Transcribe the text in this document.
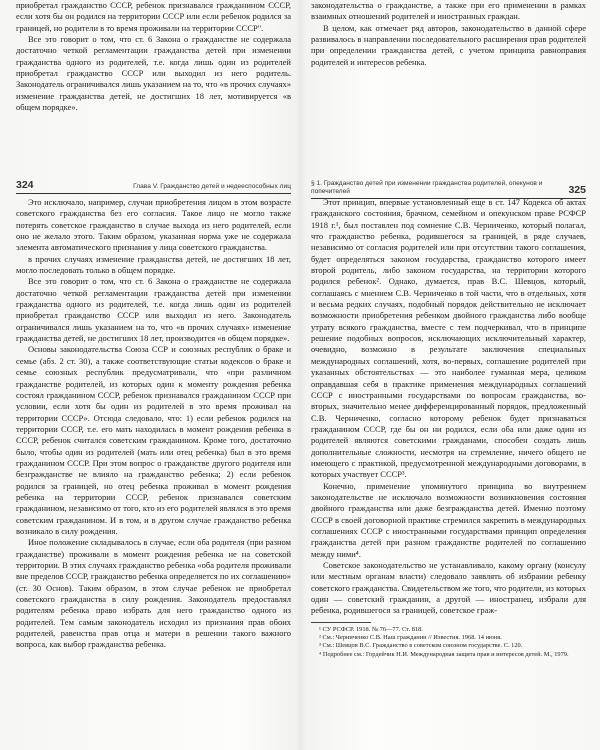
приобретал гражданство СССР, ребенок признавался гражданином СССР, если хотя бы он родился на территории СССР или если ребенок родился за границей, но родители в то время проживали на территории СССР".

Все это говорит о том, что ст. 6 Закона о гражданстве не содержала достаточно четкой регламентации гражданства детей при изменении гражданства одного из родителей, т.е. когда лишь один из родителей приобретал гражданство СССР или выходил из него родитель. Законодатель ограничивался лишь указанием на то, что «в прочих случаях» изменение гражданства детей, не достигших 18 лет, мотивируется «в общем порядке».

324	Глава V. Гражданство детей и недееспособных лиц

Это исключало, например, случаи приобретения лицом в этом возрасте советского гражданства без его согласия. Такое лицо не могло также потерять советское гражданство в случае выхода из него родителей, если оно не желало этого. Таким образом, указанная норма уже не содержала элемента автоматического признания у лица советского гражданства.

в прочих случаях изменение гражданства детей, не достигших 18 лет, могло последовать только в общем порядке.

Все это говорит о том, что ст. 6 Закона о гражданстве не содержала достаточно четкой регламентации гражданства детей при изменении гражданства одного из родителей, т.е. когда лишь один из родителей приобретал гражданство СССР или выходил из него. Законодатель ограничивался лишь указанием на то, что «в прочих случаях» изменение гражданства детей, не достигших 18 лет, производится «в общем порядке».

Основы законодательства Союза ССР и союзных республик о браке и семье (абз. 2 ст. 30), а также соответствующие статьи кодексов о браке и семье союзных республик предусматривали, что «при различном гражданстве родителей, из которых один к моменту рождения ребенка состоял гражданином СССР, ребенок признавался гражданином СССР при условии, если хотя бы один из родителей в это время проживал на территории СССР». Отсюда следовало, что: 1) если ребенок родился на территории СССР, т.е. его мать находилась в момент рождения ребенка в СССР, ребенок считался советским гражданином. Кроме того, достаточно было, чтобы один из родителей (мать или отец ребенка) был в это время гражданином СССР. При этом вопрос о гражданстве другого родителя или безгражданстве не влияло на гражданство ребенка; 2) если ребенок родился за границей, но отец ребенка проживал в момент рождения ребенка на территории СССР, ребенок признавался советским гражданином, независимо от того, кто из его родителей являлся в это время советским гражданином. И в том, и в другом случае гражданство ребенка возникало в силу рождения.

Иное положение складывалось в случае, если оба родителя (при разном гражданстве) проживали в момент рождения ребенка не на советской территории. В этих случаях гражданство ребенка «оба родителя проживали вне пределов СССР, гражданство ребенка определяется по их соглашению» (ст. 30 Основ). Таким образом, в этом случае ребенок не приобретал советского гражданства в силу рождения. Законодатель предоставлял родителям ребенка право избрать для него гражданство одного из родителей. Тем самым законодатель исходил из признания прав обоих родителей, равенства прав отца и матери в решении такого важного вопроса, как выбор гражданства ребенка.

законодательства о гражданстве, а также при его применении в рамках взаимных отношений родителей и иностранных граждан.

В целом, как отмечает ряд авторов, законодательство в данной сфере развивалось в направлении последовательного расширения прав родителей при определении гражданства детей, с учетом принципа равноправия родителей и интересов ребенка.

§ 1. Гражданство детей при изменении гражданства родителей, опекунов и попечителей	325

Этот принцип, впервые установленный еще в ст. 147 Кодекса об актах гражданского состояния, брачном, семейном и опекунском праве РСФСР 1918 г.¹, был поставлен под сомнение С.В. Черниченко, который полагал, что гражданство ребенка, родившегося за границей, в ряде случаев, независимо от согласия родителей или при отсутствии такого соглашения, будет определяться законом государства, гражданство которого имеет второй родитель, либо законом государства, на территории которого родился ребенок². Однако, думается, прав В.С. Шевцов, который, соглашаясь с мнением С.В. Черниченко в той части, что в отдельных, хотя и весьма редких случаях, подобный порядок действительно не исключает возможности приобретения ребенком двойного гражданства либо вообще утрату всякого гражданства, вместе с тем подчеркивал, что в принципе решение подобных вопросов, исключающих исключительный характер, очевидно, возможно в результате заключения специальных международных соглашений, хотя, во-первых, соглашение родителей при указанных обстоятельствах — это наиболее гуманная мера, целиком оправдавшая себя в практике применения международных соглашений СССР с иностранными государствами по вопросам гражданства, во-вторых, значительно менее дифференцированный порядок, предложенный С.В. Черниченко, согласно которому ребенок будет признаваться гражданином СССР, где бы он ни родился, если оба или даже один из родителей являются советскими гражданами, способен создать лишь дополнительные сложности, несмотря на стремление, ничего общего не имеющего с практикой, предусмотренной международными договорами, в которых участвует СССР³.

Конечно, применение упомянутого принципа во внутреннем законодательстве не исключало возможности возникновения состояния двойного гражданства или даже безгражданства детей. Именно поэтому СССР в своей договорной практике стремился закрепить в международных соглашениях СССР с иностранными государствами принцип определения гражданства детей при разном гражданстве родителей по соглашению между ними⁴.

Советское законодательство не устанавливало, какому органу (консулу или местным органам власти) следовало заявлять об избрании ребенку советского гражданства. Свидетельством же того, что родители, из которых один — советский гражданин, а другой — иностранец, избрали для ребенка, родившегося за границей, советское граж-

¹ СУ РСФСР. 1918. № 76—77. Ст. 818.

² См.: Черниченко С.В. Наш гражданин // Известия. 1968. 14 июня.

³ См.: Шевцов В.С. Гражданство в советском союзном государстве. С. 120.

⁴ Подробнее см.: Гордейчик Н.И. Международная защита прав и интересов детей. М., 1979.
